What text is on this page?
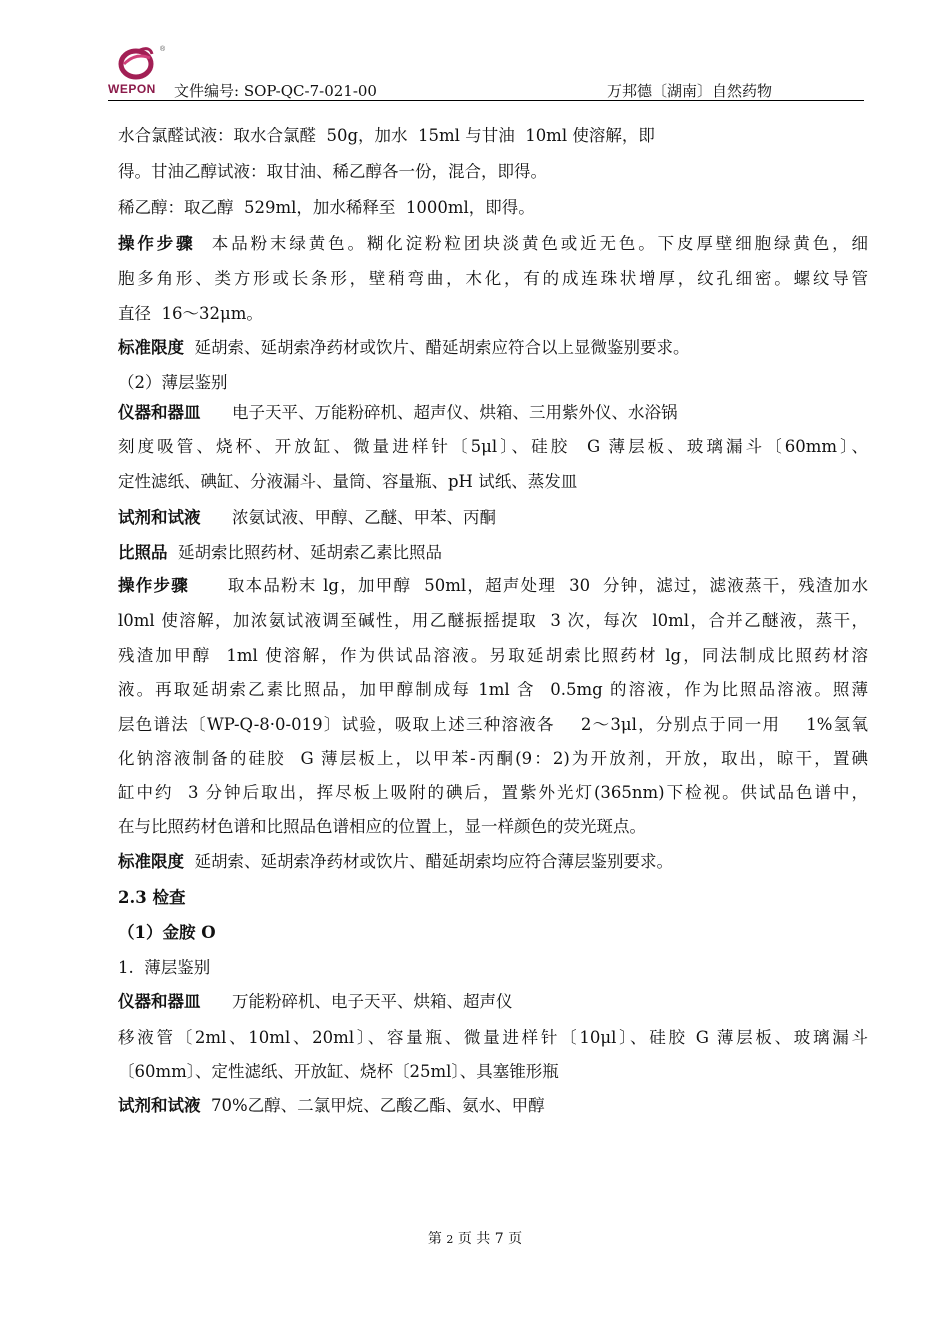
®
WEPON 文件编号: SOP-QC-7-021-00	万邦德〔湖南〕自然药物
水合氯醛试液：取水合氯醛  50g，加水  15ml 与甘油  10ml 使溶解，即
得。甘油乙醇试液：取甘油、稀乙醇各一份，混合，即得。
稀乙醇：取乙醇  529ml，加水稀释至  1000ml，即得。
操作步骤  本品粉末绿黄色。糊化淀粉粒团块淡黄色或近无色。下皮厚壁细胞绿黄色，细
胞多角形、类方形或长条形，壁稍弯曲，木化，有的成连珠状增厚，纹孔细密。螺纹导管
直径  16～32μm。
标准限度  延胡索、延胡索净药材或饮片、醋延胡索应符合以上显微鉴别要求。
（2）薄层鉴别
仪器和器皿      电子天平、万能粉碎机、超声仪、烘箱、三用紫外仪、水浴锅
刻度吸管、烧杯、开放缸、微量进样针〔5μl〕、硅胶  G 薄层板、玻璃漏斗〔60mm〕、
定性滤纸、碘缸、分液漏斗、量筒、容量瓶、pH 试纸、蒸发皿
试剂和试液      浓氨试液、甲醇、乙醚、甲苯、丙酮
比照品  延胡索比照药材、延胡索乙素比照品
操作步骤      取本品粉末 lg，加甲醇  50ml，超声处理  30  分钟，滤过，滤液蒸干，残渣加水
l0ml 使溶解，加浓氨试液调至碱性，用乙醚振摇提取  3 次，每次  l0ml，合并乙醚液，蒸干，
残渣加甲醇  1ml 使溶解，作为供试品溶液。另取延胡索比照药材 lg，同法制成比照药材溶
液。再取延胡索乙素比照品，加甲醇制成每 1ml 含  0.5mg 的溶液，作为比照品溶液。照薄
层色谱法〔WP-Q-8·0-019〕试验，吸取上述三种溶液各    2～3μl，分别点于同一用    1%氢氧
化钠溶液制备的硅胶  G 薄层板上，以甲苯-丙酮(9：2)为开放剂，开放，取出，晾干，置碘
缸中约  3 分钟后取出，挥尽板上吸附的碘后，置紫外光灯(365nm)下检视。供试品色谱中，
在与比照药材色谱和比照品色谱相应的位置上，显一样颜色的荧光斑点。
标准限度  延胡索、延胡索净药材或饮片、醋延胡索均应符合薄层鉴别要求。
2.3 检查
（1）金胺 O
1.  薄层鉴别
仪器和器皿      万能粉碎机、电子天平、烘箱、超声仪
移液管〔2ml、10ml、20ml〕、容量瓶、微量进样针〔10μl〕、硅胶 G 薄层板、玻璃漏斗
〔60mm〕、定性滤纸、开放缸、烧杯〔25ml〕、具塞锥形瓶
试剂和试液  70%乙醇、二氯甲烷、乙酸乙酯、氨水、甲醇
第 2 页 共 7 页
